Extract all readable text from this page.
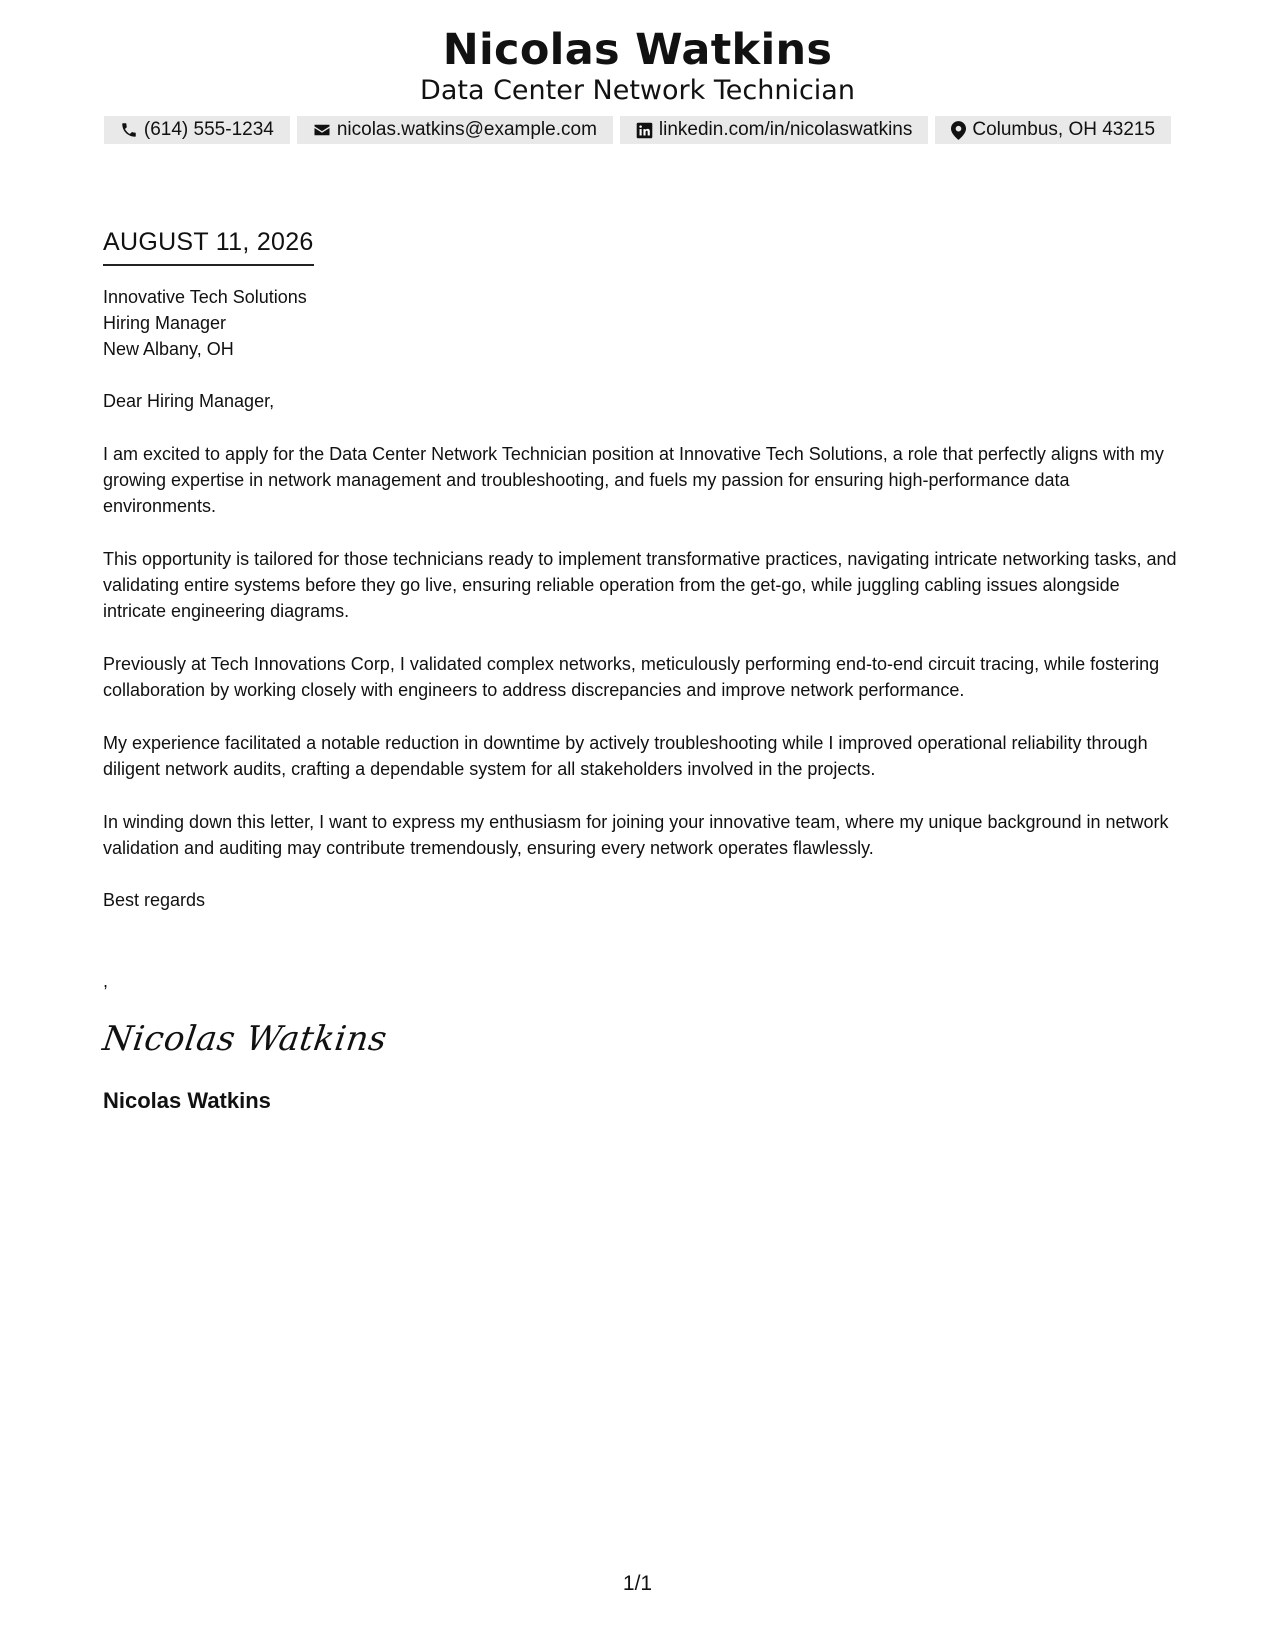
Nicolas Watkins
Data Center Network Technician
(614) 555-1234	nicolas.watkins@example.com	linkedin.com/in/nicolaswatkins	Columbus, OH 43215
AUGUST 11, 2026
Innovative Tech Solutions
Hiring Manager
New Albany, OH
Dear Hiring Manager,
I am excited to apply for the Data Center Network Technician position at Innovative Tech Solutions, a role that perfectly aligns with my growing expertise in network management and troubleshooting, and fuels my passion for ensuring high-performance data environments.
This opportunity is tailored for those technicians ready to implement transformative practices, navigating intricate networking tasks, and validating entire systems before they go live, ensuring reliable operation from the get-go, while juggling cabling issues alongside intricate engineering diagrams.
Previously at Tech Innovations Corp, I validated complex networks, meticulously performing end-to-end circuit tracing, while fostering collaboration by working closely with engineers to address discrepancies and improve network performance.
My experience facilitated a notable reduction in downtime by actively troubleshooting while I improved operational reliability through diligent network audits, crafting a dependable system for all stakeholders involved in the projects.
In winding down this letter, I want to express my enthusiasm for joining your innovative team, where my unique background in network validation and auditing may contribute tremendously, ensuring every network operates flawlessly.
Best regards
,
Nicolas Watkins
Nicolas Watkins
1/1
